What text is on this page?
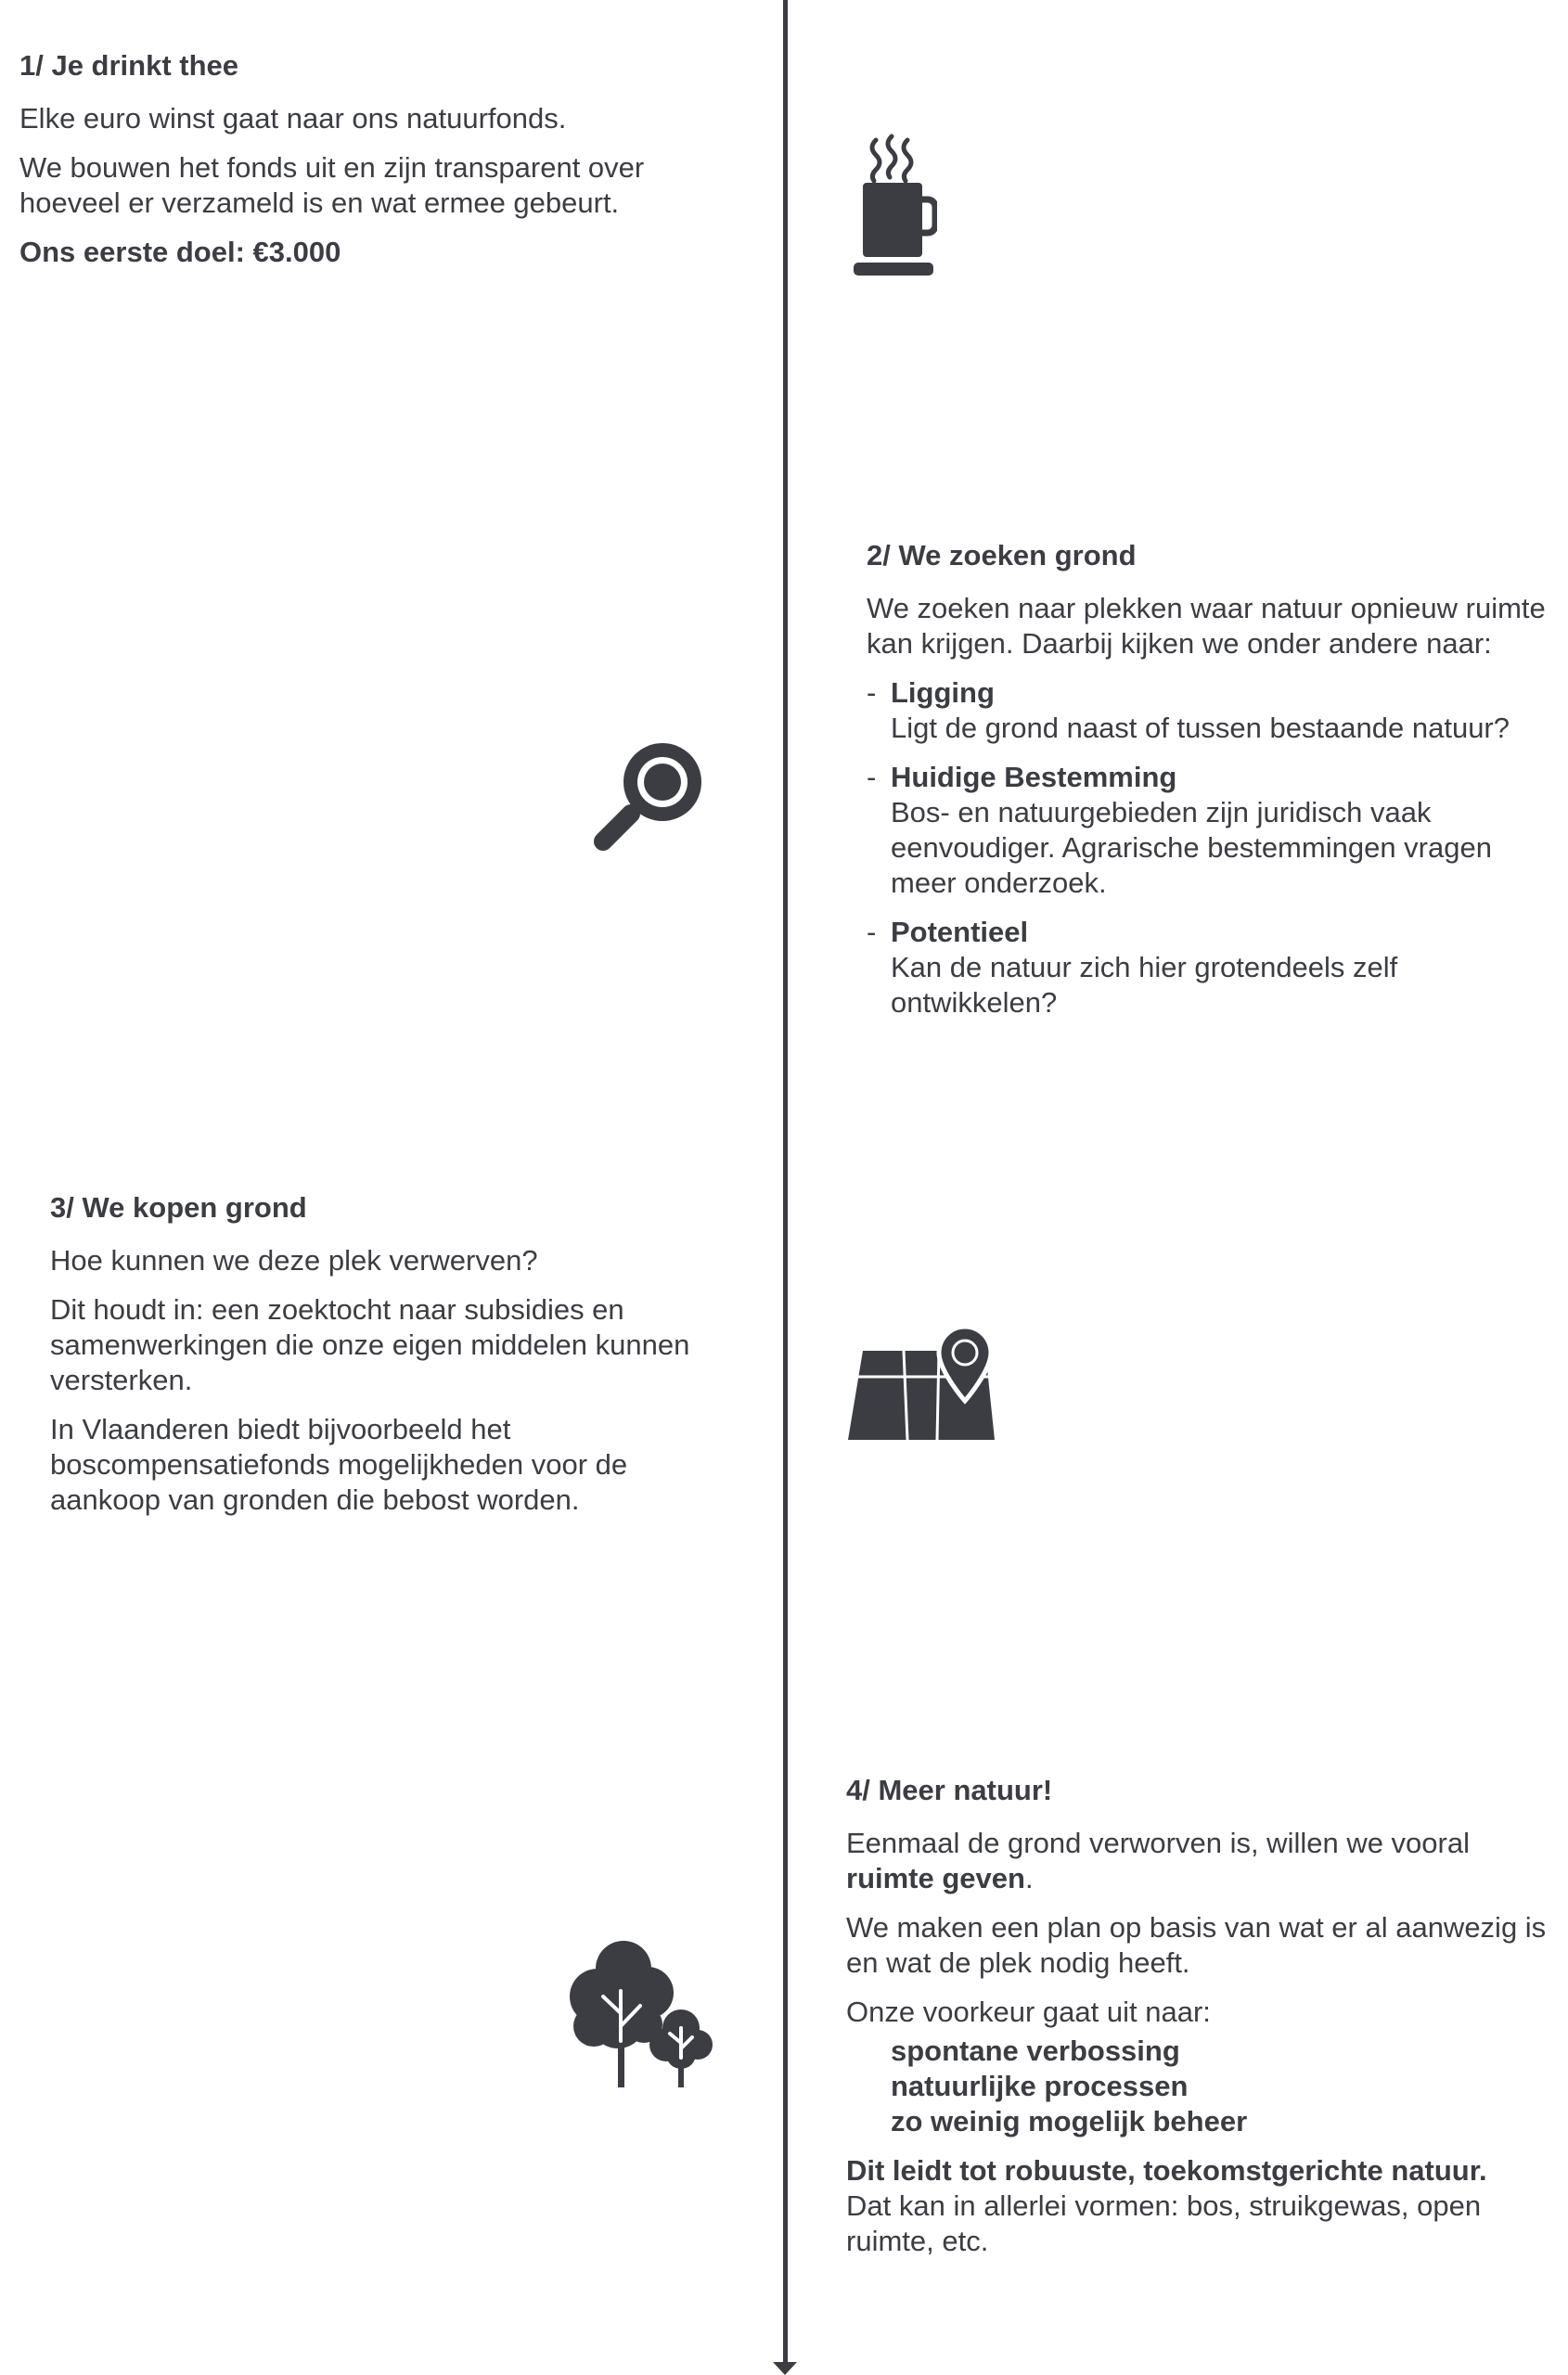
1/ Je drinkt thee

Elke euro winst gaat naar ons natuurfonds.

We bouwen het fonds uit en zijn transparent over hoeveel er verzameld is en wat ermee gebeurt.

Ons eerste doel: €3.000

2/ We zoeken grond

We zoeken naar plekken waar natuur opnieuw ruimte kan krijgen. Daarbij kijken we onder andere naar:

- Ligging
Ligt de grond naast of tussen bestaande natuur?
- Huidige Bestemming
Bos- en natuurgebieden zijn juridisch vaak eenvoudiger. Agrarische bestemmingen vragen meer onderzoek.
- Potentieel
Kan de natuur zich hier grotendeels zelf ontwikkelen?

3/ We kopen grond

Hoe kunnen we deze plek verwerven?

Dit houdt in: een zoektocht naar subsidies en samenwerkingen die onze eigen middelen kunnen versterken.

In Vlaanderen biedt bijvoorbeeld het boscompensatiefonds mogelijkheden voor de aankoop van gronden die bebost worden.

4/ Meer natuur!

Eenmaal de grond verworven is, willen we vooral ruimte geven.

We maken een plan op basis van wat er al aanwezig is en wat de plek nodig heeft.

Onze voorkeur gaat uit naar:

spontane verbossing
natuurlijke processen
zo weinig mogelijk beheer

Dit leidt tot robuuste, toekomstgerichte natuur.
Dat kan in allerlei vormen: bos, struikgewas, open ruimte, etc.
